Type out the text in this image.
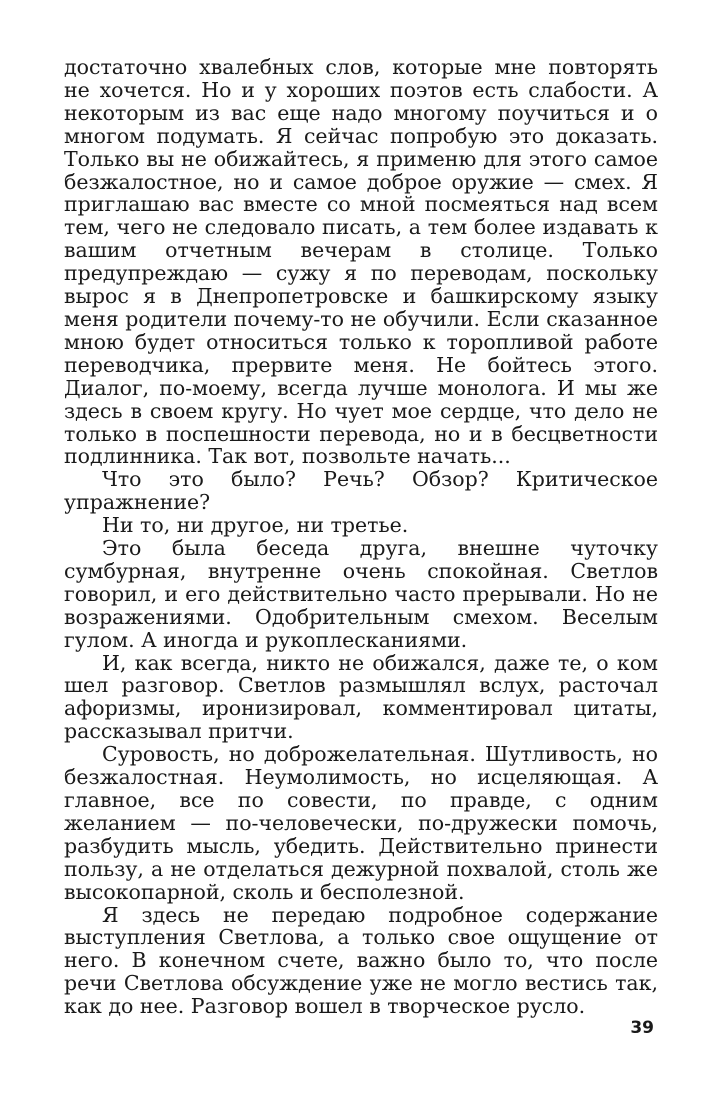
достаточно хвалебных слов, которые мне повторять не хочется. Но и у хороших поэтов есть слабости. А некоторым из вас еще надо многому поучиться и о многом подумать. Я сейчас попробую это доказать. Только вы не обижайтесь, я применю для этого самое безжалостное, но и самое доброе оружие — смех. Я приглашаю вас вместе со мной посмеяться над всем тем, чего не следовало писать, а тем более издавать к вашим отчетным вечерам в столице. Только предупреждаю — сужу я по переводам, поскольку вырос я в Днепропетровске и башкирскому языку меня родители почему-то не обучили. Если сказанное мною будет относиться только к торопливой работе переводчика, прервите меня. Не бойтесь этого. Диалог, по-моему, всегда лучше монолога. И мы же здесь в своем кругу. Но чует мое сердце, что дело не только в поспешности перевода, но и в бесцветности подлинника. Так вот, позвольте начать...

Что это было? Речь? Обзор? Критическое упражнение?

Ни то, ни другое, ни третье.

Это была беседа друга, внешне чуточку сумбурная, внутренне очень спокойная. Светлов говорил, и его действительно часто прерывали. Но не возражениями. Одобрительным смехом. Веселым гулом. А иногда и рукоплесканиями.

И, как всегда, никто не обижался, даже те, о ком шел разговор. Светлов размышлял вслух, расточал афоризмы, иронизировал, комментировал цитаты, рассказывал притчи.

Суровость, но доброжелательная. Шутливость, но безжалостная. Неумолимость, но исцеляющая. А главное, все по совести, по правде, с одним желанием — по-человечески, по-дружески помочь, разбудить мысль, убедить. Действительно принести пользу, а не отделаться дежурной похвалой, столь же высокопарной, сколь и бесполезной.

Я здесь не передаю подробное содержание выступления Светлова, а только свое ощущение от него. В конечном счете, важно было то, что после речи Светлова обсуждение уже не могло вестись так, как до нее. Разговор вошел в творческое русло.

39
